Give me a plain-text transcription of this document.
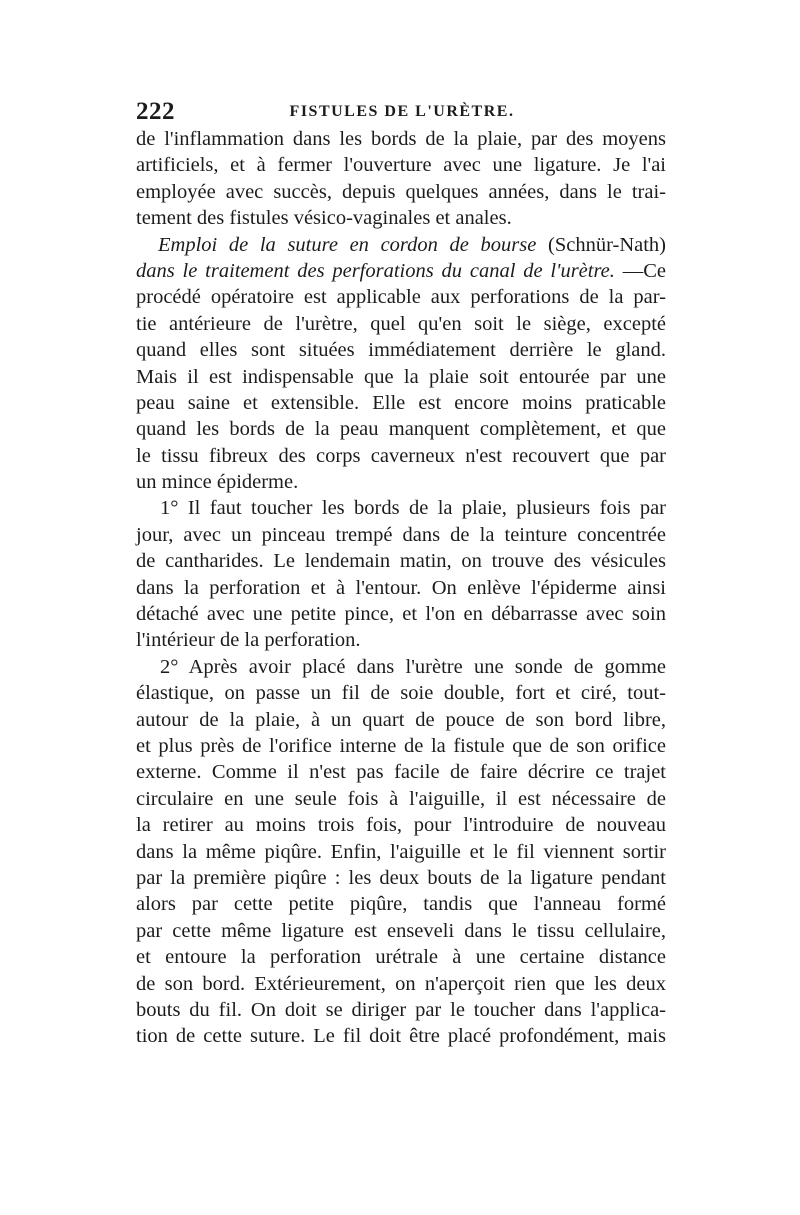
222	FISTULES DE L'URÈTRE.
de l'inflammation dans les bords de la plaie, par des moyens
artificiels, et à fermer l'ouverture avec une ligature. Je l'ai
employée avec succès, depuis quelques années, dans le trai-
tement des fistules vésico-vaginales et anales.
Emploi de la suture en cordon de bourse (Schnür-Nath)
dans le traitement des perforations du canal de l'urètre. —Ce
procédé opératoire est applicable aux perforations de la par-
tie antérieure de l'urètre, quel qu'en soit le siège, excepté
quand elles sont situées immédiatement derrière le gland.
Mais il est indispensable que la plaie soit entourée par une
peau saine et extensible. Elle est encore moins praticable
quand les bords de la peau manquent complètement, et que
le tissu fibreux des corps caverneux n'est recouvert que par
un mince épiderme.
1° Il faut toucher les bords de la plaie, plusieurs fois par
jour, avec un pinceau trempé dans de la teinture concentrée
de cantharides. Le lendemain matin, on trouve des vésicules
dans la perforation et à l'entour. On enlève l'épiderme ainsi
détaché avec une petite pince, et l'on en débarrasse avec soin
l'intérieur de la perforation.
2° Après avoir placé dans l'urètre une sonde de gomme
élastique, on passe un fil de soie double, fort et ciré, tout-
autour de la plaie, à un quart de pouce de son bord libre,
et plus près de l'orifice interne de la fistule que de son orifice
externe. Comme il n'est pas facile de faire décrire ce trajet
circulaire en une seule fois à l'aiguille, il est nécessaire de
la retirer au moins trois fois, pour l'introduire de nouveau
dans la même piqûre. Enfin, l'aiguille et le fil viennent sortir
par la première piqûre : les deux bouts de la ligature pendant
alors par cette petite piqûre, tandis que l'anneau formé
par cette même ligature est enseveli dans le tissu cellulaire,
et entoure la perforation urétrale à une certaine distance
de son bord. Extérieurement, on n'aperçoit rien que les deux
bouts du fil. On doit se diriger par le toucher dans l'applica-
tion de cette suture. Le fil doit être placé profondément, mais
